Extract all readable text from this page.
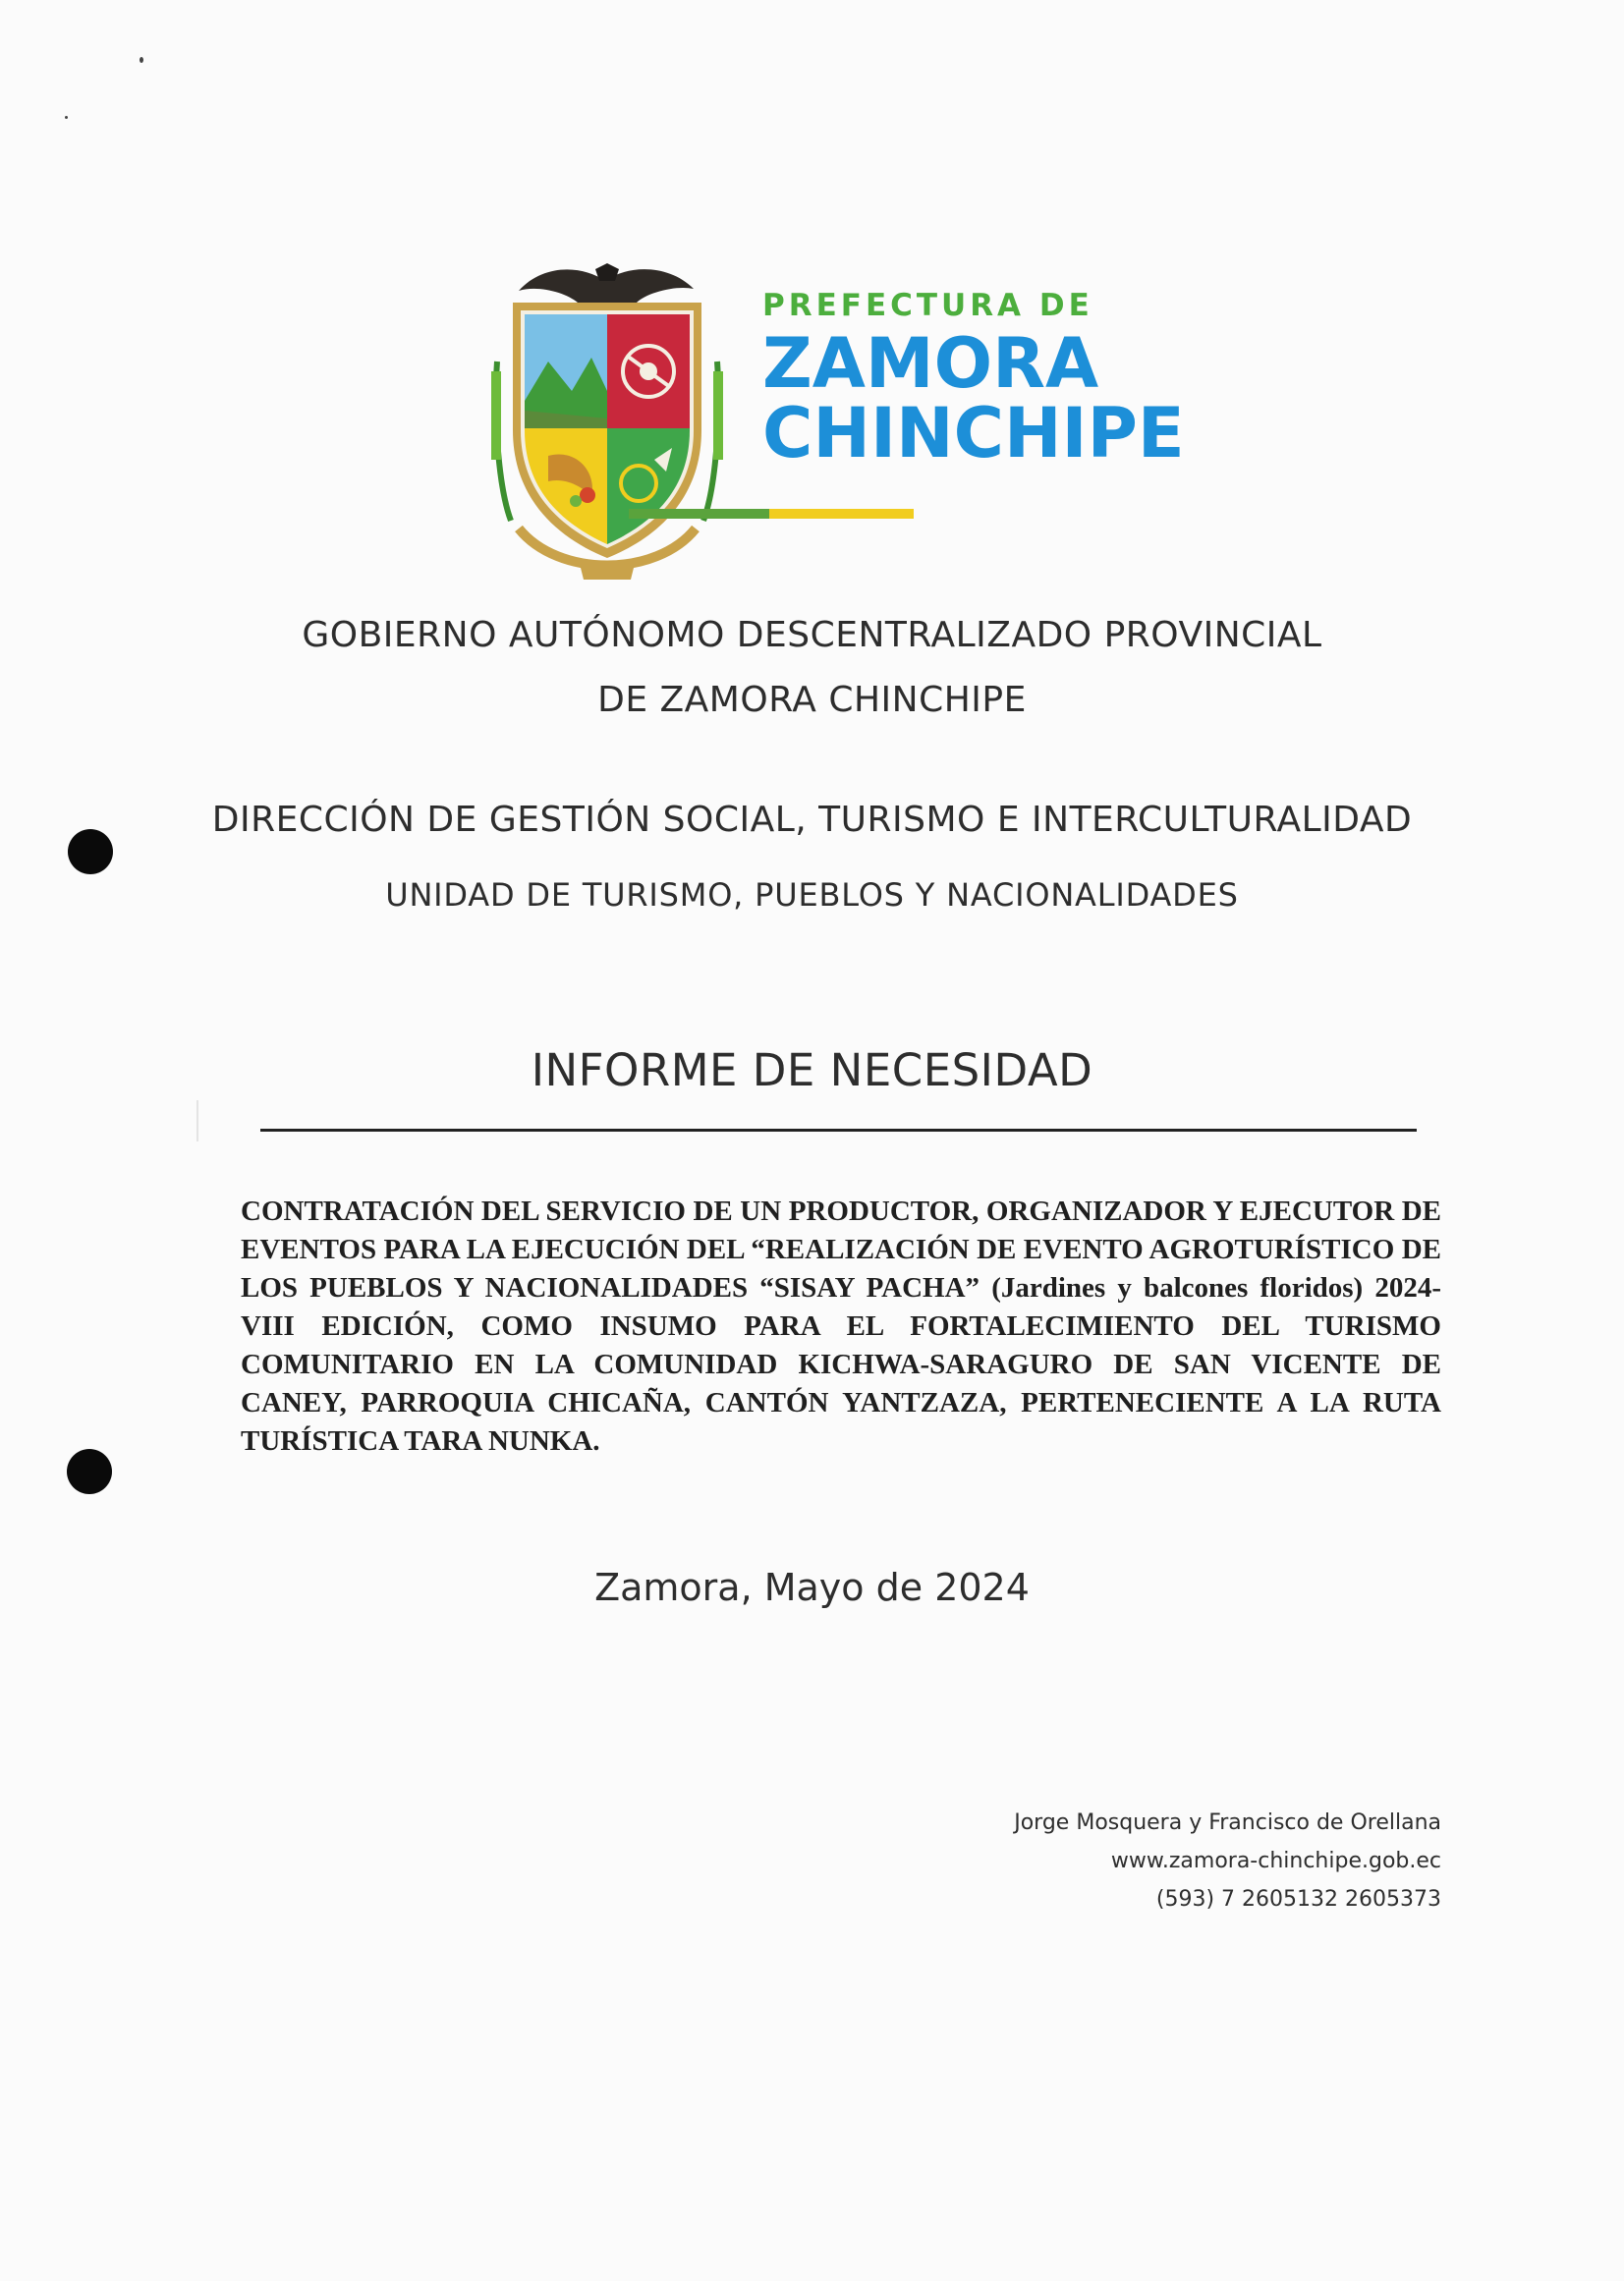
PREFECTURA DE

ZAMORA

CHINCHIPE

GOBIERNO AUTÓNOMO DESCENTRALIZADO PROVINCIAL

DE ZAMORA CHINCHIPE

DIRECCIÓN DE GESTIÓN SOCIAL, TURISMO E INTERCULTURALIDAD

UNIDAD DE TURISMO, PUEBLOS Y NACIONALIDADES

INFORME DE NECESIDAD

CONTRATACIÓN DEL SERVICIO DE UN PRODUCTOR, ORGANIZADOR Y EJECUTOR DE EVENTOS PARA LA EJECUCIÓN DEL “REALIZACIÓN DE EVENTO AGROTURÍSTICO DE LOS PUEBLOS Y NACIONALIDADES “SISAY PACHA” (Jardines y balcones floridos) 2024-VIII EDICIÓN, COMO INSUMO PARA EL FORTALECIMIENTO DEL TURISMO COMUNITARIO EN LA COMUNIDAD KICHWA-SARAGURO DE SAN VICENTE DE CANEY, PARROQUIA CHICAÑA, CANTÓN YANTZAZA, PERTENECIENTE A LA RUTA TURÍSTICA TARA NUNKA.

Zamora, Mayo de 2024

Jorge Mosquera y Francisco de Orellana

www.zamora-chinchipe.gob.ec

(593) 7 2605132 2605373
